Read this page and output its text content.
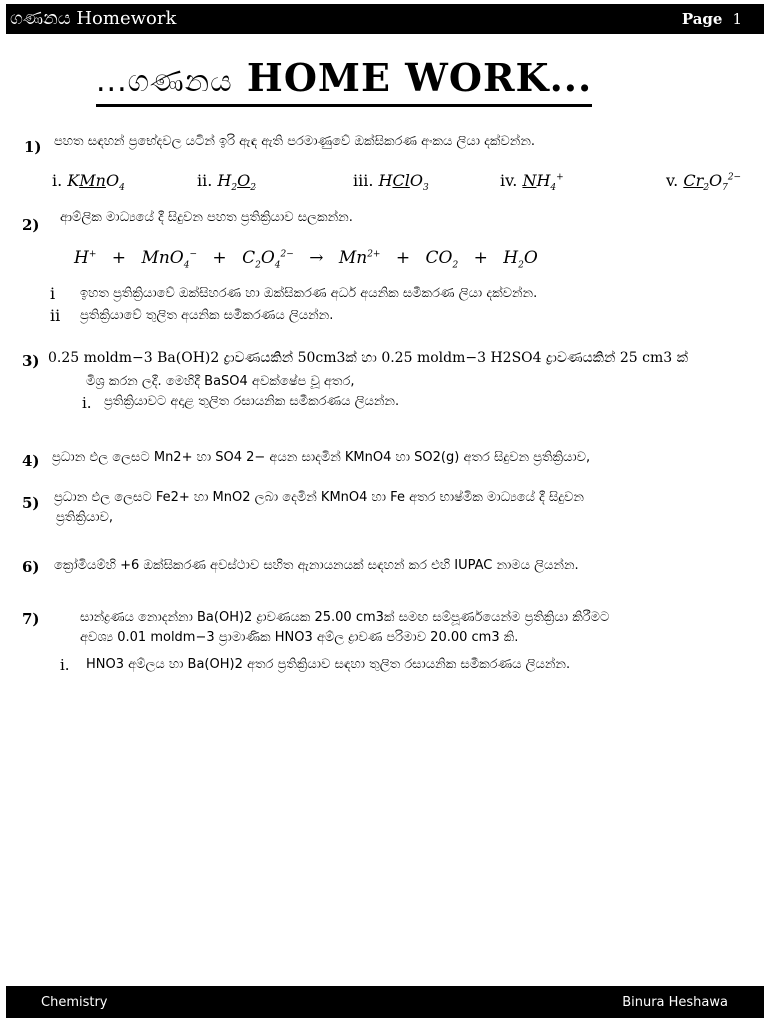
ගණනය Homework	Page 1
...ගණනය HOME WORK...
1) පහත සඳහන් ප්‍රභේදවල යටින් ඉරි ඇඳ ඇති පරමාණුවේ ඔක්සිකරණ අංකය ලියා දක්වන්න.
i. KMnO$_4$	ii. $H_2O_2$	iii. HClO$_3$	iv. $NH_4^+$	v. $Cr_2O_7^{2-}$
2) ආම්ලික මාධ්‍යයේ දී සිදුවන පහත ප්‍රතික්‍රියාව සලකන්න.
$H^+ + MnO_4^- + C_2O_4^{2-} \to Mn^{2+} + CO_2 + H_2O$
i ඉහත ප්‍රතික්‍රියාවේ ඔක්සිහරණ හා ඔක්සිකරණ අර්ධ අයනික සමීකරණ ලියා දක්වන්න.
ii ප්‍රතික්‍රියාවේ තුලිත අයනික සමීකරණය ලියන්න.
3) 0.25 moldm−3 Ba(OH)2 ද්‍රාවණයකින් 50cm3ක් හා 0.25 moldm−3 H2SO4 ද්‍රාවණයකින් 25 cm3 ක්
මිශ්‍ර කරන ලදී. මෙහිදී BaSO4 අවක්ෂේප වූ අතර,
i. ප්‍රතික්‍රියාවට අදාළ තුලිත රසායනික සමීකරණය ලියන්න.
4) ප්‍රධාන ඵල ලෙසට Mn2+ හා SO4 2− අයන සාදමින් KMnO4 හා SO2(g) අතර සිදුවන ප්‍රතික්‍රියාව,
5) ප්‍රධාන ඵල ලෙසට Fe2+ හා MnO2 ලබා දෙමින් KMnO4 හා Fe අතර භාෂ්මික මාධ්‍යයේ දී සිදුවන
ප්‍රතික්‍රියාව,
6) ක්‍රෝමියම්හි +6 ඔක්සිකරණ අවස්ථාව සහිත ඇනායනයක් සඳහන් කර එහි IUPAC නාමය ලියන්න.
7)	සාන්ද්‍රණය නොදන්නා Ba(OH)2 ද්‍රාවණයක 25.00 cm3ක් සමඟ සම්පූර්ණයෙන්ම ප්‍රතික්‍රියා කිරීමට
අවශ්‍ය 0.01 moldm−3 ප්‍රාමාණික HNO3 අම්ල ද්‍රාවණ පරිමාව 20.00 cm3 කි.
i. HNO3 අම්ලය හා Ba(OH)2 අතර ප්‍රතික්‍රියාව සඳහා තුලිත රසායනික සමීකරණය ලියන්න.
Chemistry	Binura Heshawa
